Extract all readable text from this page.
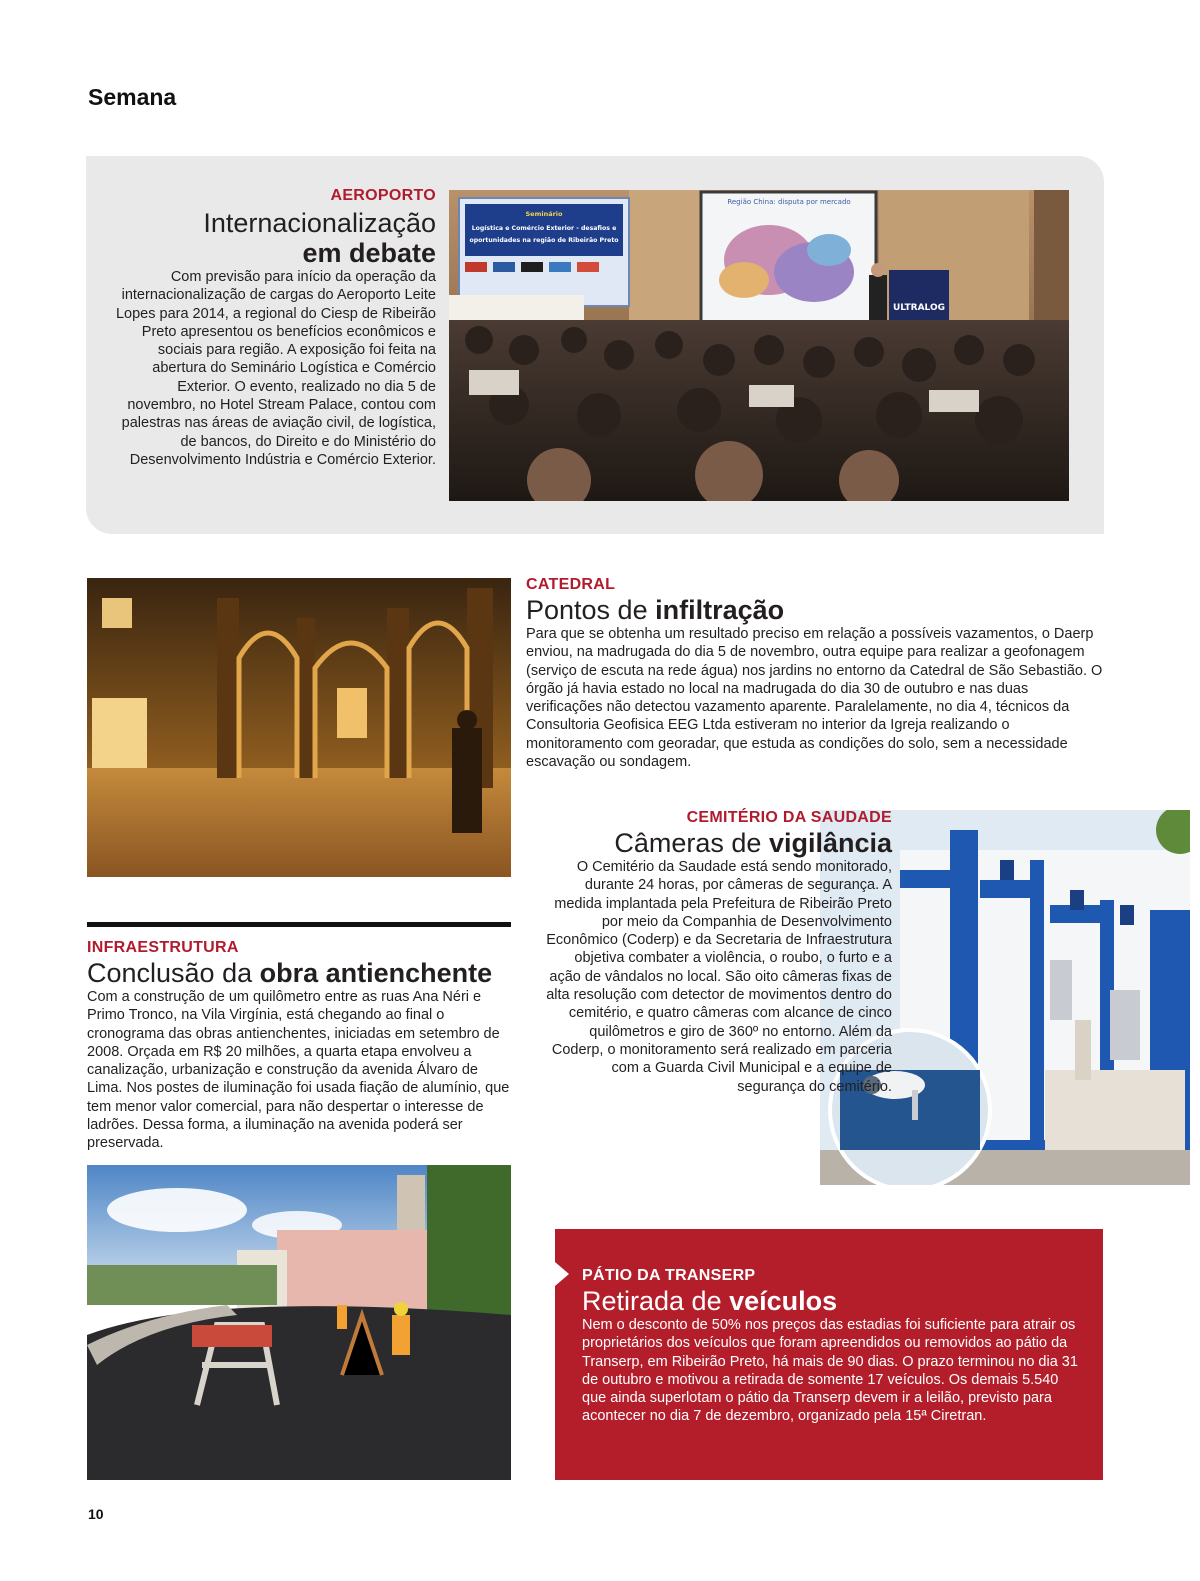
Semana
AEROPORTO
Internacionalização
em debate
Com previsão para início da operação da internacionalização de cargas do Aeroporto Leite Lopes para 2014, a regional do Ciesp de Ribeirão Preto apresentou os benefícios econômicos e sociais para região. A exposição foi feita na abertura do Seminário Logística e Comércio Exterior. O evento, realizado no dia 5 de novembro, no Hotel Stream Palace, contou com palestras nas áreas de aviação civil, de logística, de bancos, do Direito e do Ministério do Desenvolvimento Indústria e Comércio Exterior.
Seminário
Logística e Comércio Exterior - desafios e
oportunidades na região de Ribeirão Preto
Região China: disputa por mercado
ULTRALOG
CATEDRAL
Pontos de infiltração
Para que se obtenha um resultado preciso em relação a possíveis vazamentos, o Daerp enviou, na madrugada do dia 5 de novembro, outra equipe para realizar a geofonagem (serviço de escuta na rede água) nos jardins no entorno da Catedral de São Sebastião. O órgão já havia estado no local na madrugada do dia 30 de outubro e nas duas verificações não detectou vazamento aparente. Paralelamente, no dia 4, técnicos da Consultoria Geofisica EEG Ltda estiveram no interior da Igreja realizando o monitoramento com georadar, que estuda as condições do solo, sem a necessidade escavação ou sondagem.
CEMITÉRIO DA SAUDADE
Câmeras de vigilância
O Cemitério da Saudade está sendo monitorado, durante 24 horas, por câmeras de segurança. A medida implantada pela Prefeitura de Ribeirão Preto por meio da Companhia de Desenvolvimento Econômico (Coderp) e da Secretaria de Infraestrutura objetiva combater a violência, o roubo, o furto e a ação de vândalos no local. São oito câmeras fixas de alta resolução com detector de movimentos dentro do cemitério, e quatro câmeras com alcance de cinco quilômetros e giro de 360º no entorno. Além da Coderp, o monitoramento será realizado em parceria com a Guarda Civil Municipal e a equipe de segurança do cemitério.
INFRAESTRUTURA
Conclusão da obra antienchente
Com a construção de um quilômetro entre as ruas Ana Néri e Primo Tronco, na Vila Virgínia, está chegando ao final o cronograma das obras antienchentes, iniciadas em setembro de 2008. Orçada em R$ 20 milhões, a quarta etapa envolveu a canalização, urbanização e construção da avenida Álvaro de Lima. Nos postes de iluminação foi usada fiação de alumínio, que tem menor valor comercial, para não despertar o interesse de ladrões. Dessa forma, a iluminação na avenida poderá ser preservada.
PÁTIO DA TRANSERP
Retirada de veículos
Nem o desconto de 50% nos preços das estadias foi suficiente para atrair os proprietários dos veículos que foram apreendidos ou removidos ao pátio da Transerp, em Ribeirão Preto, há mais de 90 dias. O prazo terminou no dia 31 de outubro e motivou a retirada de somente 17 veículos. Os demais 5.540 que ainda superlotam o pátio da Transerp devem ir a leilão, previsto para acontecer no dia 7 de dezembro, organizado pela 15ª Ciretran.
10
